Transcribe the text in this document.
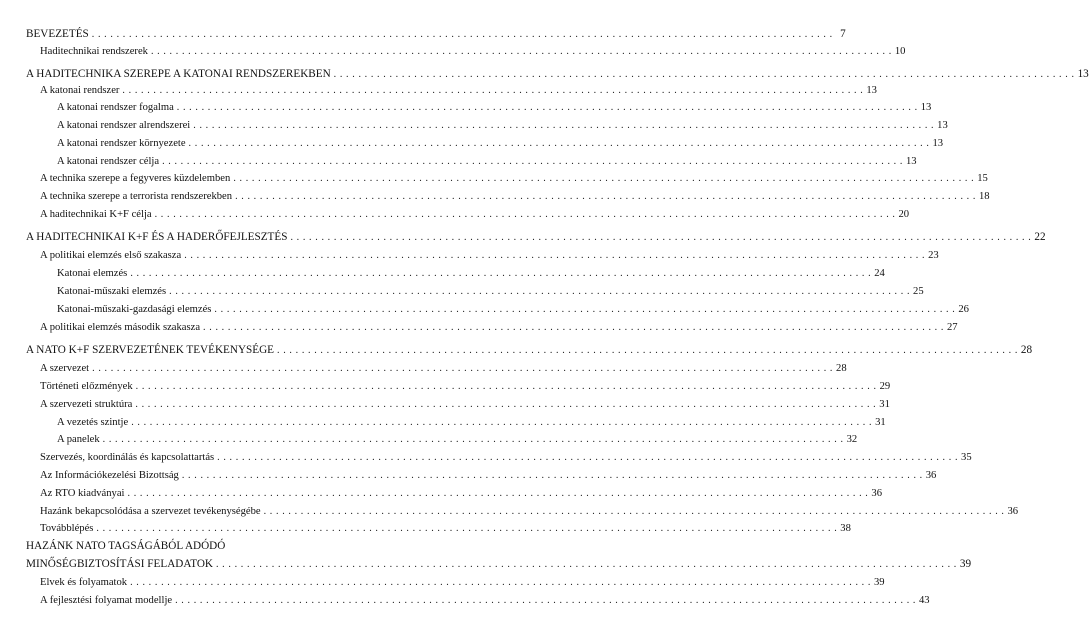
BEVEZETÉS . . . . . . . . . . . . . . . . . . . . . . . . . . . . . . . . . . . . . . . . . . . . . . . . . . . . . . . . . . . . . . . . . . . . . . . . . . . . . . . . . . . . . . . . . . . . . . . . . . . . . . . . . . . . . . . . . . . . . . . . 7
Haditechnikai rendszerek . . . . . . . . . . . . . . . . . . . . . . . . . . . . . . . . . . . . . . . . . . . . . . . . . . . . . . . . . . . . . . . . . . . . . . . . . . . . . . . . . . . . . . . . . . . . . . . . . . . . . . . . . . . . . . . . . . . . . . . . 10
A HADITECHNIKA SZEREPE A KATONAI RENDSZEREKBEN . . . . . . . . . . . . . . . . . . . . . . . . . . . . . . . . . . . . . . . . . . . . . . . . . . . . . . . . . . . . . . . . . . . . . . . . . . . . . . . . . . . . . . . . . . . . . . . . . . . . . . . . . . . . . . . . . . . . . . . . 13
A katonai rendszer . . . . . . . . . . . . . . . . . . . . . . . . . . . . . . . . . . . . . . . . . . . . . . . . . . . . . . . . . . . . . . . . . . . . . . . . . . . . . . . . . . . . . . . . . . . . . . . . . . . . . . . . . . . . . . . . . . . . . . . . 13
A katonai rendszer fogalma . . . . . . . . . . . . . . . . . . . . . . . . . . . . . . . . . . . . . . . . . . . . . . . . . . . . . . . . . . . . . . . . . . . . . . . . . . . . . . . . . . . . . . . . . . . . . . . . . . . . . . . . . . . . . . . . . . . . . . . . 13
A katonai rendszer alrendszerei . . . . . . . . . . . . . . . . . . . . . . . . . . . . . . . . . . . . . . . . . . . . . . . . . . . . . . . . . . . . . . . . . . . . . . . . . . . . . . . . . . . . . . . . . . . . . . . . . . . . . . . . . . . . . . . . . . . . . . . . 13
A katonai rendszer környezete . . . . . . . . . . . . . . . . . . . . . . . . . . . . . . . . . . . . . . . . . . . . . . . . . . . . . . . . . . . . . . . . . . . . . . . . . . . . . . . . . . . . . . . . . . . . . . . . . . . . . . . . . . . . . . . . . . . . . . . . 13
A katonai rendszer célja . . . . . . . . . . . . . . . . . . . . . . . . . . . . . . . . . . . . . . . . . . . . . . . . . . . . . . . . . . . . . . . . . . . . . . . . . . . . . . . . . . . . . . . . . . . . . . . . . . . . . . . . . . . . . . . . . . . . . . . . 13
A technika szerepe a fegyveres küzdelemben . . . . . . . . . . . . . . . . . . . . . . . . . . . . . . . . . . . . . . . . . . . . . . . . . . . . . . . . . . . . . . . . . . . . . . . . . . . . . . . . . . . . . . . . . . . . . . . . . . . . . . . . . . . . . . . . . . . . . . . . 15
A technika szerepe a terrorista rendszerekben . . . . . . . . . . . . . . . . . . . . . . . . . . . . . . . . . . . . . . . . . . . . . . . . . . . . . . . . . . . . . . . . . . . . . . . . . . . . . . . . . . . . . . . . . . . . . . . . . . . . . . . . . . . . . . . . . . . . . . . . 18
A haditechnikai K+F célja . . . . . . . . . . . . . . . . . . . . . . . . . . . . . . . . . . . . . . . . . . . . . . . . . . . . . . . . . . . . . . . . . . . . . . . . . . . . . . . . . . . . . . . . . . . . . . . . . . . . . . . . . . . . . . . . . . . . . . . . 20
A HADITECHNIKAI K+F ÉS A HADERŐFEJLESZTÉS . . . . . . . . . . . . . . . . . . . . . . . . . . . . . . . . . . . . . . . . . . . . . . . . . . . . . . . . . . . . . . . . . . . . . . . . . . . . . . . . . . . . . . . . . . . . . . . . . . . . . . . . . . . . . . . . . . . . . . . . 22
A politikai elemzés első szakasza . . . . . . . . . . . . . . . . . . . . . . . . . . . . . . . . . . . . . . . . . . . . . . . . . . . . . . . . . . . . . . . . . . . . . . . . . . . . . . . . . . . . . . . . . . . . . . . . . . . . . . . . . . . . . . . . . . . . . . . . 23
Katonai elemzés . . . . . . . . . . . . . . . . . . . . . . . . . . . . . . . . . . . . . . . . . . . . . . . . . . . . . . . . . . . . . . . . . . . . . . . . . . . . . . . . . . . . . . . . . . . . . . . . . . . . . . . . . . . . . . . . . . . . . . . . 24
Katonai-műszaki elemzés . . . . . . . . . . . . . . . . . . . . . . . . . . . . . . . . . . . . . . . . . . . . . . . . . . . . . . . . . . . . . . . . . . . . . . . . . . . . . . . . . . . . . . . . . . . . . . . . . . . . . . . . . . . . . . . . . . . . . . . . 25
Katonai-műszaki-gazdasági elemzés . . . . . . . . . . . . . . . . . . . . . . . . . . . . . . . . . . . . . . . . . . . . . . . . . . . . . . . . . . . . . . . . . . . . . . . . . . . . . . . . . . . . . . . . . . . . . . . . . . . . . . . . . . . . . . . . . . . . . . . . 26
A politikai elemzés második szakasza . . . . . . . . . . . . . . . . . . . . . . . . . . . . . . . . . . . . . . . . . . . . . . . . . . . . . . . . . . . . . . . . . . . . . . . . . . . . . . . . . . . . . . . . . . . . . . . . . . . . . . . . . . . . . . . . . . . . . . . . 27
A NATO K+F SZERVEZETÉNEK TEVÉKENYSÉGE . . . . . . . . . . . . . . . . . . . . . . . . . . . . . . . . . . . . . . . . . . . . . . . . . . . . . . . . . . . . . . . . . . . . . . . . . . . . . . . . . . . . . . . . . . . . . . . . . . . . . . . . . . . . . . . . . . . . . . . . 28
A szervezet . . . . . . . . . . . . . . . . . . . . . . . . . . . . . . . . . . . . . . . . . . . . . . . . . . . . . . . . . . . . . . . . . . . . . . . . . . . . . . . . . . . . . . . . . . . . . . . . . . . . . . . . . . . . . . . . . . . . . . . . 28
Történeti előzmények . . . . . . . . . . . . . . . . . . . . . . . . . . . . . . . . . . . . . . . . . . . . . . . . . . . . . . . . . . . . . . . . . . . . . . . . . . . . . . . . . . . . . . . . . . . . . . . . . . . . . . . . . . . . . . . . . . . . . . . . 29
A szervezeti struktúra . . . . . . . . . . . . . . . . . . . . . . . . . . . . . . . . . . . . . . . . . . . . . . . . . . . . . . . . . . . . . . . . . . . . . . . . . . . . . . . . . . . . . . . . . . . . . . . . . . . . . . . . . . . . . . . . . . . . . . . . 31
A vezetés szintje . . . . . . . . . . . . . . . . . . . . . . . . . . . . . . . . . . . . . . . . . . . . . . . . . . . . . . . . . . . . . . . . . . . . . . . . . . . . . . . . . . . . . . . . . . . . . . . . . . . . . . . . . . . . . . . . . . . . . . . . 31
A panelek . . . . . . . . . . . . . . . . . . . . . . . . . . . . . . . . . . . . . . . . . . . . . . . . . . . . . . . . . . . . . . . . . . . . . . . . . . . . . . . . . . . . . . . . . . . . . . . . . . . . . . . . . . . . . . . . . . . . . . . . 32
Szervezés, koordinálás és kapcsolattartás . . . . . . . . . . . . . . . . . . . . . . . . . . . . . . . . . . . . . . . . . . . . . . . . . . . . . . . . . . . . . . . . . . . . . . . . . . . . . . . . . . . . . . . . . . . . . . . . . . . . . . . . . . . . . . . . . . . . . . . . 35
Az Információkezelési Bizottság . . . . . . . . . . . . . . . . . . . . . . . . . . . . . . . . . . . . . . . . . . . . . . . . . . . . . . . . . . . . . . . . . . . . . . . . . . . . . . . . . . . . . . . . . . . . . . . . . . . . . . . . . . . . . . . . . . . . . . . . 36
Az RTO kiadványai . . . . . . . . . . . . . . . . . . . . . . . . . . . . . . . . . . . . . . . . . . . . . . . . . . . . . . . . . . . . . . . . . . . . . . . . . . . . . . . . . . . . . . . . . . . . . . . . . . . . . . . . . . . . . . . . . . . . . . . . 36
Hazánk bekapcsolódása a szervezet tevékenységébe . . . . . . . . . . . . . . . . . . . . . . . . . . . . . . . . . . . . . . . . . . . . . . . . . . . . . . . . . . . . . . . . . . . . . . . . . . . . . . . . . . . . . . . . . . . . . . . . . . . . . . . . . . . . . . . . . . . . . . . . 36
Továbblépés . . . . . . . . . . . . . . . . . . . . . . . . . . . . . . . . . . . . . . . . . . . . . . . . . . . . . . . . . . . . . . . . . . . . . . . . . . . . . . . . . . . . . . . . . . . . . . . . . . . . . . . . . . . . . . . . . . . . . . . . 38
HAZÁNK NATO TAGSÁGÁBÓL ADÓDÓ
MINŐSÉGBIZTOSÍTÁSI FELADATOK . . . . . . . . . . . . . . . . . . . . . . . . . . . . . . . . . . . . . . . . . . . . . . . . . . . . . . . . . . . . . . . . . . . . . . . . . . . . . . . . . . . . . . . . . . . . . . . . . . . . . . . . . . . . . . . . . . . . . . . . 39
Elvek és folyamatok . . . . . . . . . . . . . . . . . . . . . . . . . . . . . . . . . . . . . . . . . . . . . . . . . . . . . . . . . . . . . . . . . . . . . . . . . . . . . . . . . . . . . . . . . . . . . . . . . . . . . . . . . . . . . . . . . . . . . . . . 39
A fejlesztési folyamat modellje . . . . . . . . . . . . . . . . . . . . . . . . . . . . . . . . . . . . . . . . . . . . . . . . . . . . . . . . . . . . . . . . . . . . . . . . . . . . . . . . . . . . . . . . . . . . . . . . . . . . . . . . . . . . . . . . . . . . . . . . 43
